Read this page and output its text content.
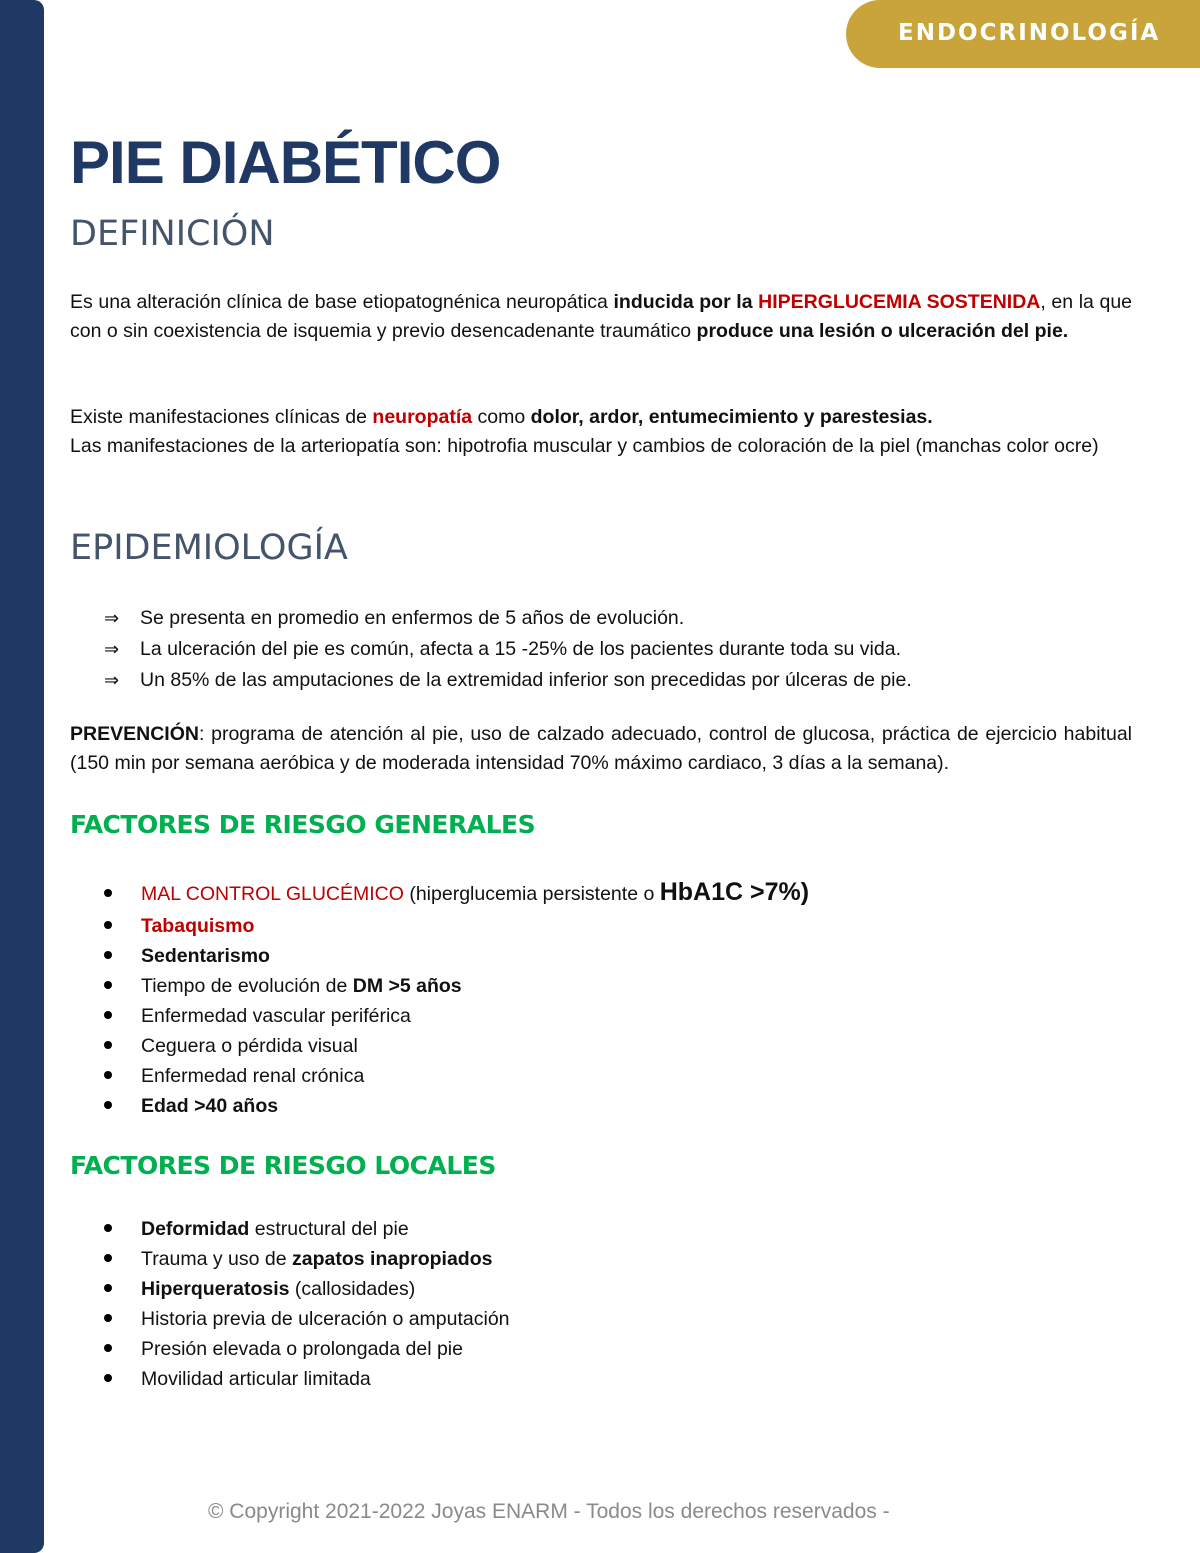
J
O
Y
A
S
E
N
A
R
M
ENDOCRINOLOGÍA
PIE DIABÉTICO
DEFINICIÓN
Es una alteración clínica de base etiopatognénica neuropática inducida por la HIPERGLUCEMIA SOSTENIDA, en la que con o sin coexistencia de isquemia y previo desencadenante traumático produce una lesión o ulceración del pie.
Existe manifestaciones clínicas de neuropatía como dolor, ardor, entumecimiento y parestesias.
Las manifestaciones de la arteriopatía son: hipotrofia muscular y cambios de coloración de la piel (manchas color ocre)
EPIDEMIOLOGÍA
⇒ Se presenta en promedio en enfermos de 5 años de evolución.
⇒ La ulceración del pie es común, afecta a 15 -25% de los pacientes durante toda su vida.
⇒ Un 85% de las amputaciones de la extremidad inferior son precedidas por úlceras de pie.
PREVENCIÓN: programa de atención al pie, uso de calzado adecuado, control de glucosa, práctica de ejercicio habitual (150 min por semana aeróbica y de moderada intensidad 70% máximo cardiaco, 3 días a la semana).
FACTORES DE RIESGO GENERALES
MAL CONTROL GLUCÉMICO (hiperglucemia persistente o HbA1C >7%)
Tabaquismo
Sedentarismo
Tiempo de evolución de DM >5 años
Enfermedad vascular periférica
Ceguera o pérdida visual
Enfermedad renal crónica
Edad >40 años
FACTORES DE RIESGO LOCALES
Deformidad estructural del pie
Trauma y uso de zapatos inapropiados
Hiperqueratosis (callosidades)
Historia previa de ulceración o amputación
Presión elevada o prolongada del pie
Movilidad articular limitada
© Copyright 2021-2022 Joyas ENARM - Todos los derechos reservados -
